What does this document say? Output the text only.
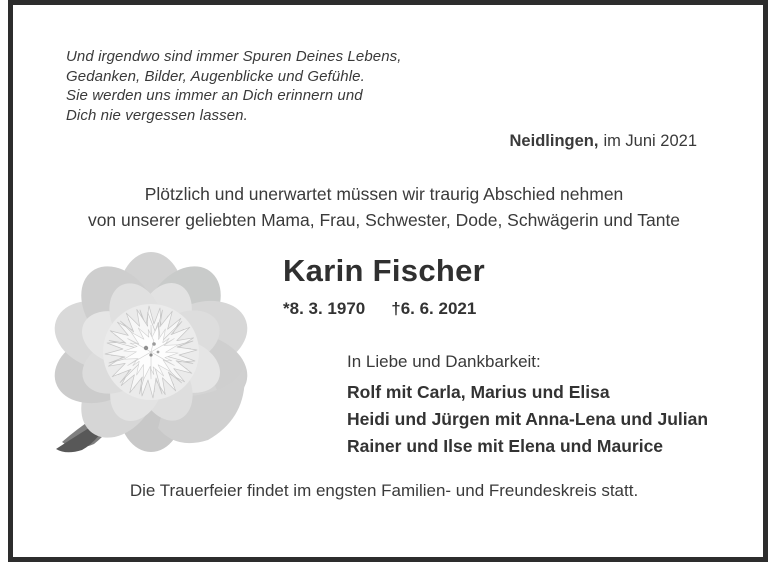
Und irgendwo sind immer Spuren Deines Lebens,
Gedanken, Bilder, Augenblicke und Gefühle.
Sie werden uns immer an Dich erinnern und
Dich nie vergessen lassen.
Neidlingen, im Juni 2021
Plötzlich und unerwartet müssen wir traurig Abschied nehmen
von unserer geliebten Mama, Frau, Schwester, Dode, Schwägerin und Tante
Karin Fischer
*8. 3. 1970 †6. 6. 2021
In Liebe und Dankbarkeit:
Rolf mit Carla, Marius und Elisa
Heidi und Jürgen mit Anna-Lena und Julian
Rainer und Ilse mit Elena und Maurice
Die Trauerfeier findet im engsten Familien- und Freundeskreis statt.
